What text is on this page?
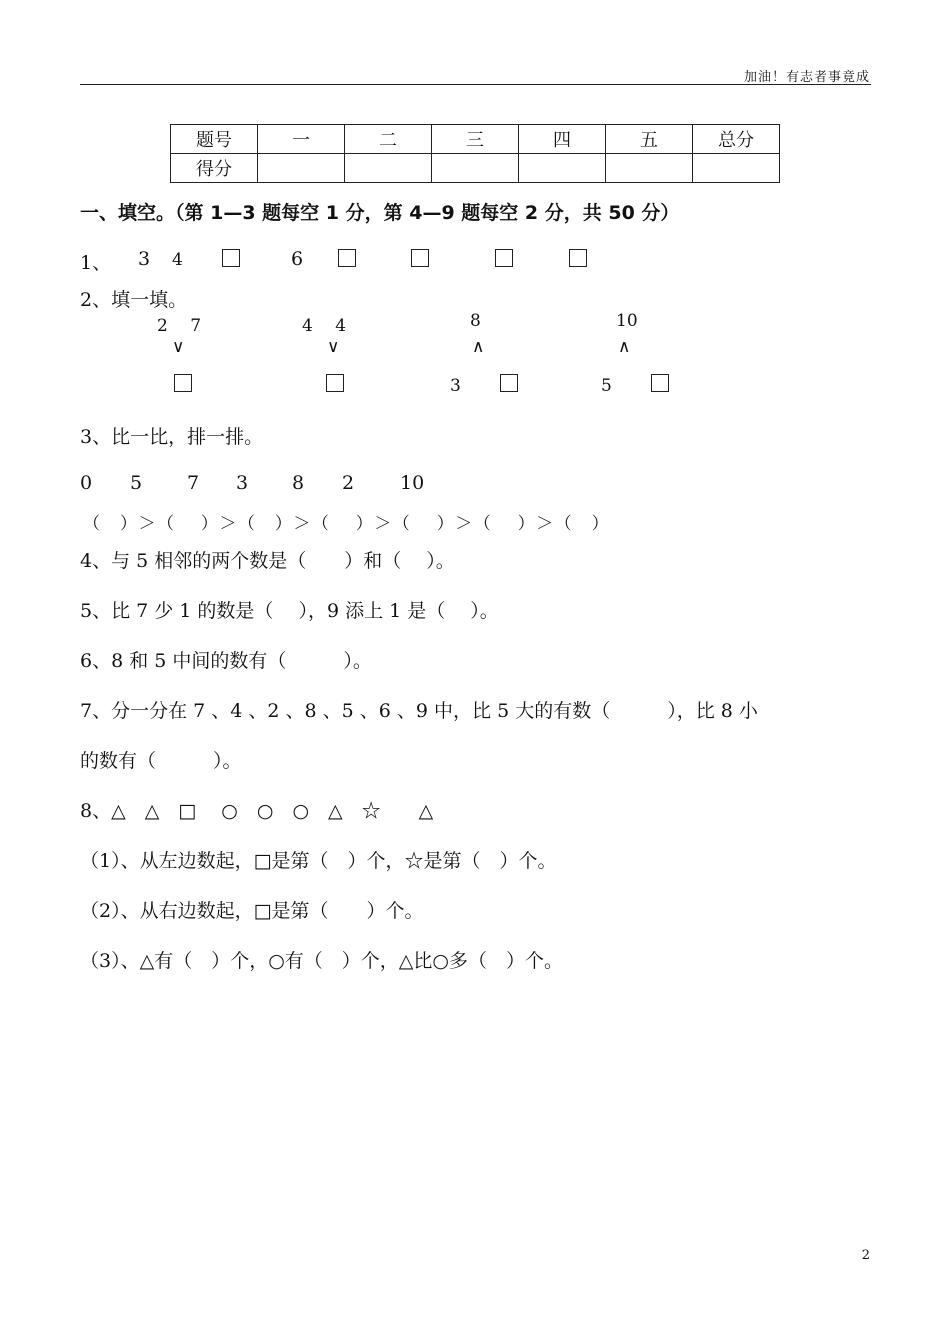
加油！有志者事竟成
题号	一	二	三	四	五	总分
得分						
一、填空。（第 1—3 题每空 1 分，第 4—9 题每空 2 分，共 50 分）
1、 3 4	6
2、填一填。
2　 7
∨
4　 4
∨
8
∧
3
10
∧
5
3、比一比，排一排。
0 5 7 3 8 2 10
（　）＞（　 ）＞（　）＞（　 ）＞（　 ）＞（　 ）＞（　）
4、与 5 相邻的两个数是（　　）和（　 ）。
5、比 7 少 1 的数是（　 ），9 添上 1 是（　 ）。
6、8 和 5 中间的数有（　　　）。
7、分一分在 7 、4 、2 、8 、5 、6 、9 中，比 5 大的有数（　　　），比 8 小
的数有（　　　）。
8、△　△　□　 ○　○　○　△　☆　　△
（1）、从左边数起，□是第（　）个，☆是第（　）个。
（2）、从右边数起，□是第（　　）个。
（3）、△有（　）个，○有（　）个，△比○多（　）个。
2
